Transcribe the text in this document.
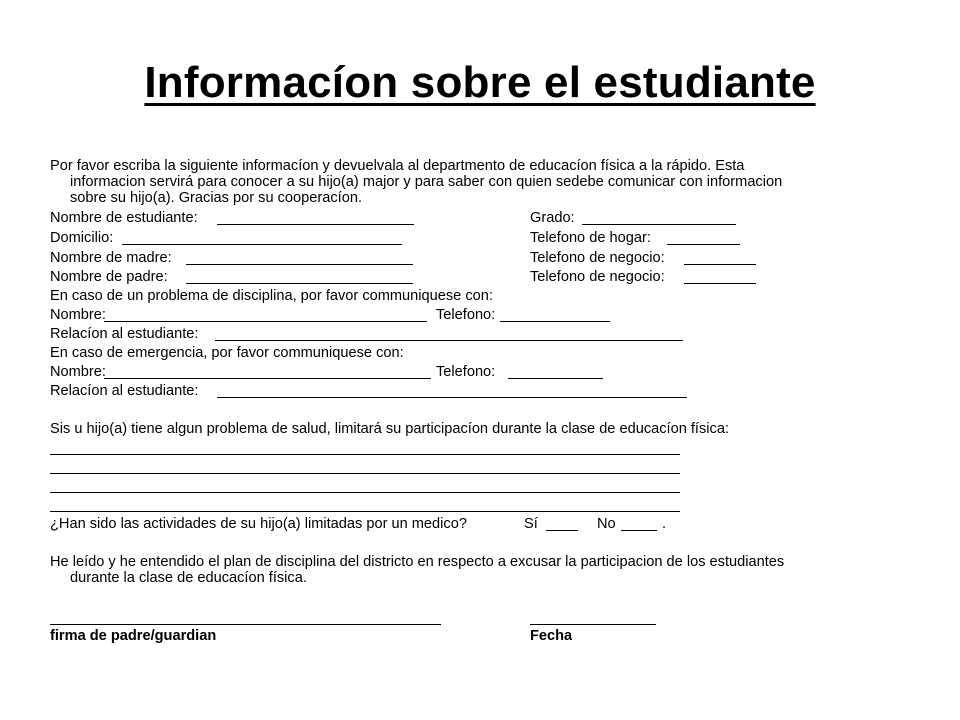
Informacíon sobre el estudiante
Por favor escriba la siguiente informacíon y devuelvala al department​o de educacíon física a la rápido. Esta
informacion servirá para conocer a su hijo(a) major y para saber con quien sedebe comunicar con informacion
sobre su hijo(a). Gracias por su cooperacíon.
Nombre de estudiante:	Grado:
Domicilio:	Telefono de hogar:
Nombre de madre:	Telefono de negocio:
Nombre de padre:	Telefono de negocio:
En caso de un problema de disciplina, por favor communiquese con:
Nombre:	Telefono:
Relacíon al estudiante:
En caso de emergencia, por favor communiquese con:
Nombre:	Telefono:
Relacíon al estudiante:
Sis u hijo(a) tiene algun problema de salud, limitará su participacíon durante la clase de educacíon física:
¿Han sido las actividades de su hijo(a) limitadas por un medico?	Sí	No	.
He leído y he entendido el plan de disciplina del districto en respecto a excusar la participacion de los estudiantes
durante la clase de educacíon física.
firma de padre/guardian	Fecha
